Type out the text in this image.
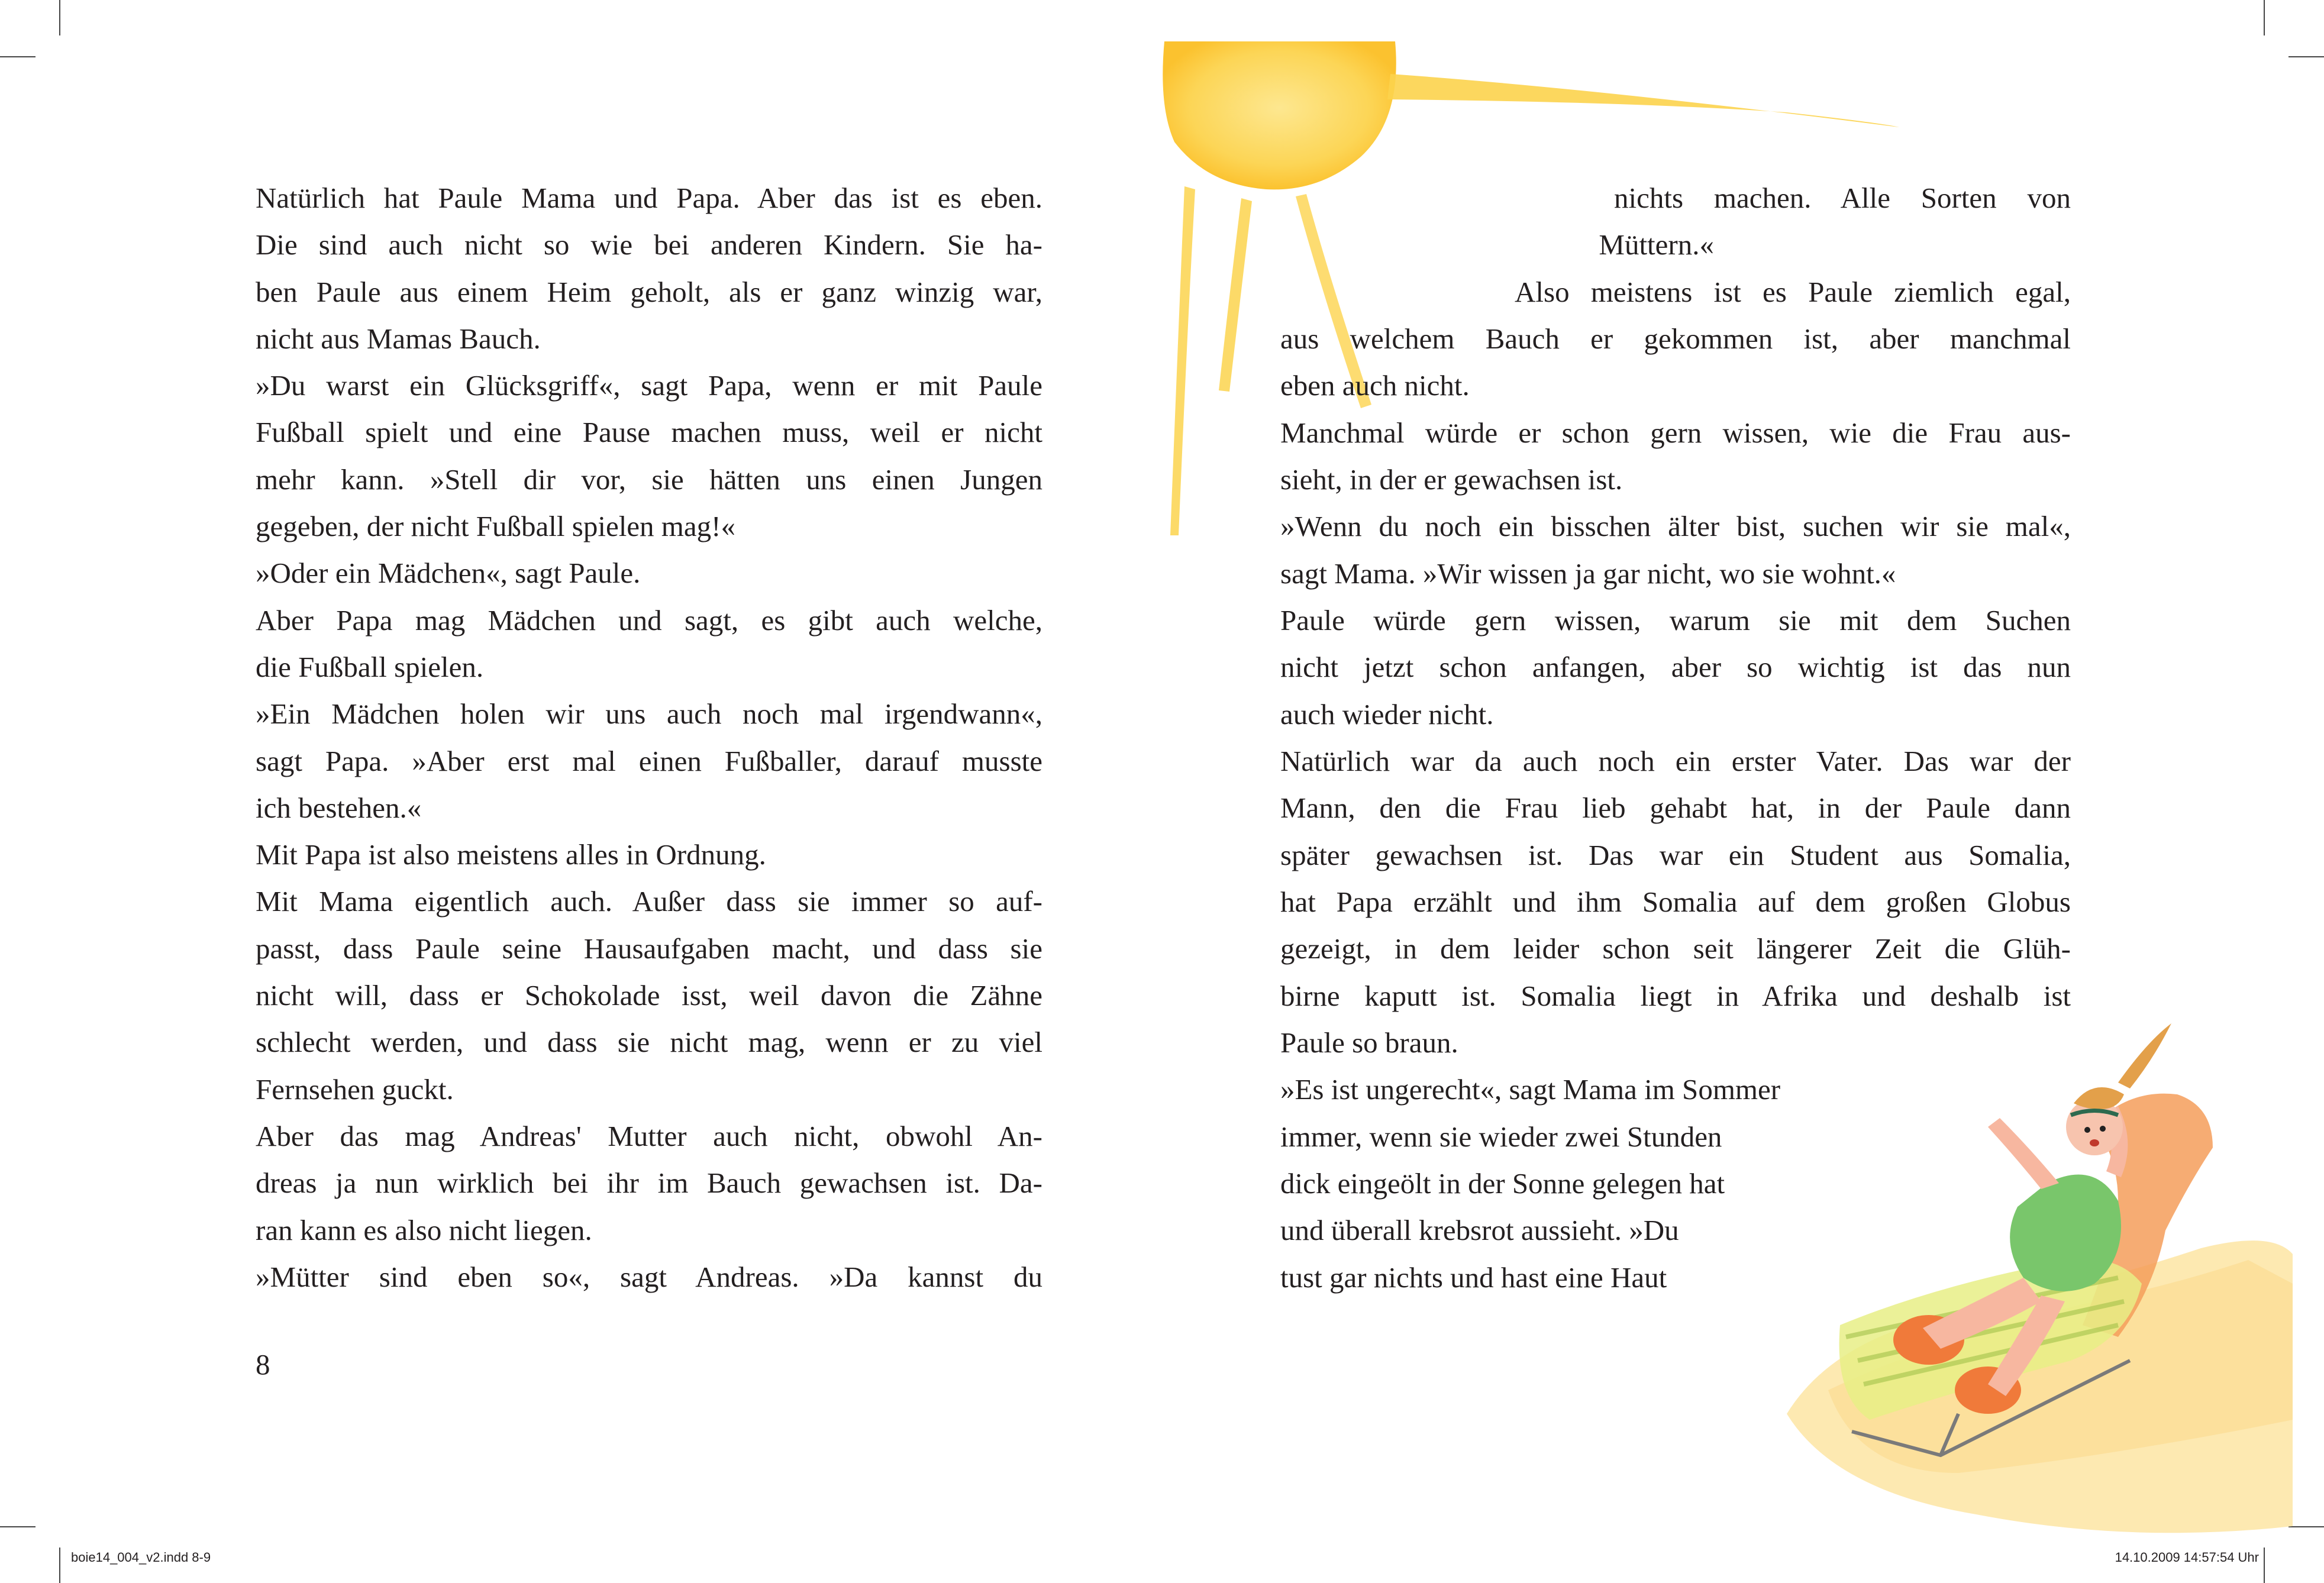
Natürlich hat Paule Mama und Papa. Aber das ist es eben.
Die sind auch nicht so wie bei anderen Kindern. Sie ha-
ben Paule aus einem Heim geholt, als er ganz winzig war,
nicht aus Mamas Bauch.
»Du warst ein Glücksgriff«, sagt Papa, wenn er mit Paule
Fußball spielt und eine Pause machen muss, weil er nicht
mehr kann. »Stell dir vor, sie hätten uns einen Jungen
gegeben, der nicht Fußball spielen mag!«
»Oder ein Mädchen«, sagt Paule.
Aber Papa mag Mädchen und sagt, es gibt auch welche,
die Fußball spielen.
»Ein Mädchen holen wir uns auch noch mal irgendwann«,
sagt Papa. »Aber erst mal einen Fußballer, darauf musste
ich bestehen.«
Mit Papa ist also meistens alles in Ordnung.
Mit Mama eigentlich auch. Außer dass sie immer so auf-
passt, dass Paule seine Hausaufgaben macht, und dass sie
nicht will, dass er Schokolade isst, weil davon die Zähne
schlecht werden, und dass sie nicht mag, wenn er zu viel
Fernsehen guckt.
Aber das mag Andreas' Mutter auch nicht, obwohl An-
dreas ja nun wirklich bei ihr im Bauch gewachsen ist. Da-
ran kann es also nicht liegen.
»Mütter sind eben so«, sagt Andreas. »Da kannst du
8
nichts machen. Alle Sorten von
Müttern.«
Also meistens ist es Paule ziemlich egal,
aus welchem Bauch er gekommen ist, aber manchmal
eben auch nicht.
Manchmal würde er schon gern wissen, wie die Frau aus-
sieht, in der er gewachsen ist.
»Wenn du noch ein bisschen älter bist, suchen wir sie mal«,
sagt Mama. »Wir wissen ja gar nicht, wo sie wohnt.«
Paule würde gern wissen, warum sie mit dem Suchen
nicht jetzt schon anfangen, aber so wichtig ist das nun
auch wieder nicht.
Natürlich war da auch noch ein erster Vater. Das war der
Mann, den die Frau lieb gehabt hat, in der Paule dann
später gewachsen ist. Das war ein Student aus Somalia,
hat Papa erzählt und ihm Somalia auf dem großen Globus
gezeigt, in dem leider schon seit längerer Zeit die Glüh-
birne kaputt ist. Somalia liegt in Afrika und deshalb ist
Paule so braun.
»Es ist ungerecht«, sagt Mama im Sommer
immer, wenn sie wieder zwei Stunden
dick eingeölt in der Sonne gelegen hat
und überall krebsrot aussieht. »Du
tust gar nichts und hast eine Haut
boie14_004_v2.indd 8-9	14.10.2009 14:57:54 Uhr
